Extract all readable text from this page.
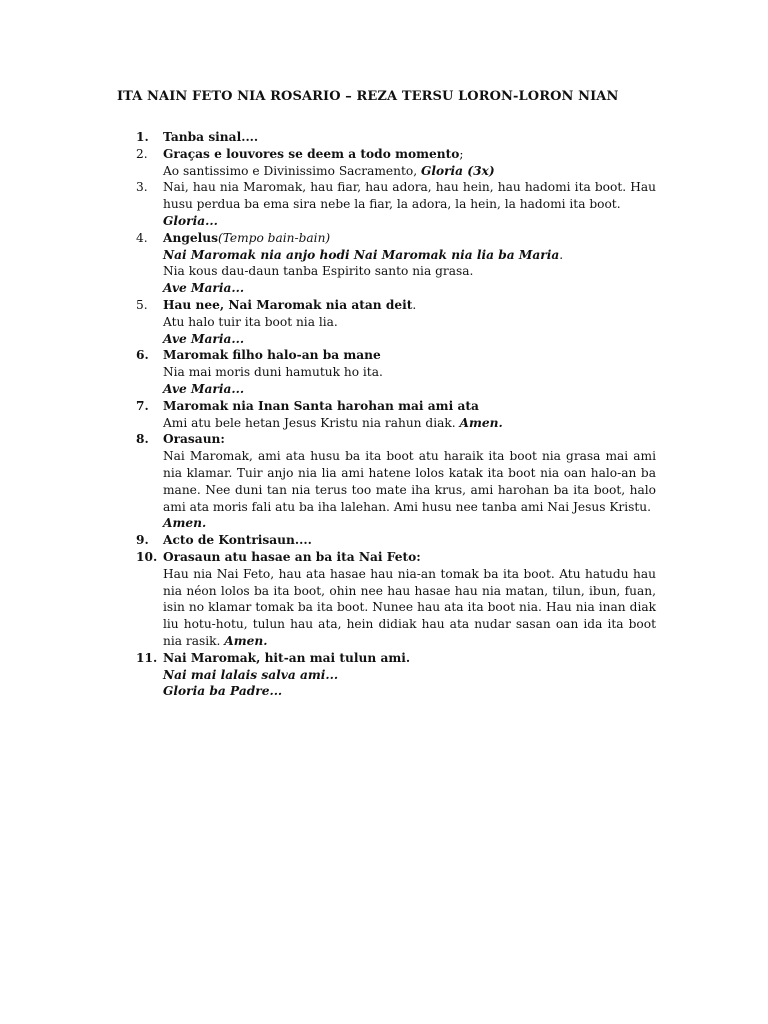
ITA NAIN FETO NIA ROSARIO – REZA TERSU LORON-LORON NIAN
1.	Tanba sinal....
2.	Graças e louvores se deem a todo momento;
Ao santissimo e Divinissimo Sacramento, Gloria (3x)
3.	Nai, hau nia Maromak, hau fiar, hau adora, hau hein, hau hadomi ita boot. Hau husu perdua ba ema sira nebe la fiar, la adora, la hein, la hadomi ita boot.
Gloria...
4.	Angelus(Tempo bain-bain)
Nai Maromak nia anjo hodi Nai Maromak nia lia ba Maria.
Nia kous dau-daun tanba Espirito santo nia grasa.
Ave Maria...
5.	Hau nee, Nai Maromak nia atan deit.
Atu halo tuir ita boot nia lia.
Ave Maria...
6.	Maromak filho halo-an ba mane
Nia mai moris duni hamutuk ho ita.
Ave Maria...
7.	Maromak nia Inan Santa harohan mai ami ata
Ami atu bele hetan Jesus Kristu nia rahun diak. Amen.
8.	Orasaun:
Nai Maromak, ami ata husu ba ita boot atu haraik ita boot nia grasa mai ami nia klamar. Tuir anjo nia lia ami hatene lolos katak ita boot nia oan halo-an ba mane. Nee duni tan nia terus too mate iha krus, ami harohan ba ita boot, halo ami ata moris fali atu ba iha lalehan. Ami husu nee tanba ami Nai Jesus Kristu.
Amen.
9.	Acto de Kontrisaun....
10. Orasaun atu hasae an ba ita Nai Feto:
Hau nia Nai Feto, hau ata hasae hau nia-an tomak ba ita boot. Atu hatudu hau nia néon lolos ba ita boot, ohin nee hau hasae hau nia matan, tilun, ibun, fuan, isin no klamar tomak ba ita boot. Nunee hau ata ita boot nia. Hau nia inan diak liu hotu-hotu, tulun hau ata, hein didiak hau ata nudar sasan oan ida ita boot nia rasik. Amen.
11. Nai Maromak, hit-an mai tulun ami.
Nai mai lalais salva ami...
Gloria ba Padre...
